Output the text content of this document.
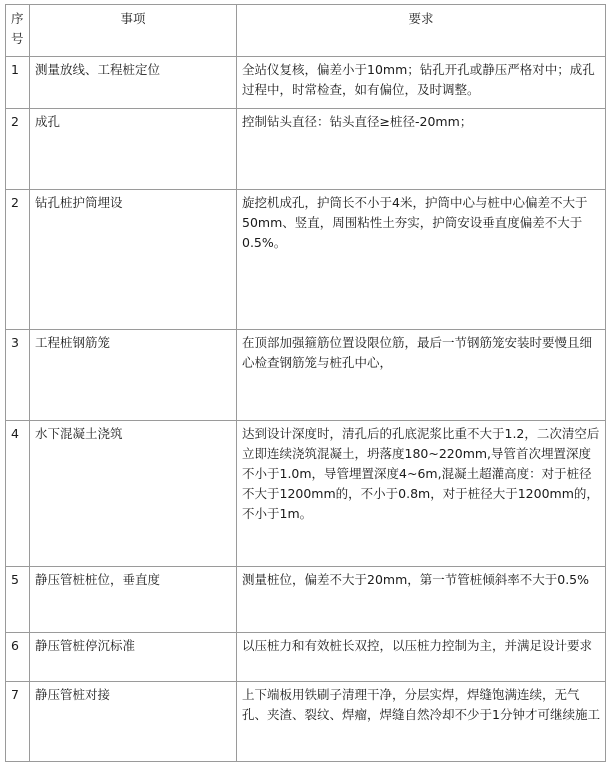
序号	事项	要求
1	测量放线、工程桩定位	全站仪复核，偏差小于10mm；钻孔开孔或静压严格对中；成孔过程中，时常检查，如有偏位，及时调整。
2	成孔	控制钻头直径：钻头直径≥桩径-20mm；
2	钻孔桩护筒埋设	旋挖机成孔，护筒长不小于4米，护筒中心与桩中心偏差不大于50mm、竖直，周围粘性土夯实，护筒安设垂直度偏差不大于0.5%。
3	工程桩钢筋笼	在顶部加强箍筋位置设限位筋，最后一节钢筋笼安装时要慢且细心检查钢筋笼与桩孔中心，
4	水下混凝土浇筑	达到设计深度时，清孔后的孔底泥浆比重不大于1.2，二次清空后立即连续浇筑混凝土，坍落度180~220mm,导管首次埋置深度不小于1.0m，导管埋置深度4~6m,混凝土超灌高度：对于桩径不大于1200mm的，不小于0.8m，对于桩径大于1200mm的，不小于1m。
5	静压管桩桩位，垂直度	测量桩位，偏差不大于20mm，第一节管桩倾斜率不大于0.5%
6	静压管桩停沉标准	以压桩力和有效桩长双控，以压桩力控制为主，并满足设计要求
7	静压管桩对接	上下端板用铁刷子清理干净，分层实焊，焊缝饱满连续，无气孔、夹渣、裂纹、焊瘤，焊缝自然冷却不少于1分钟才可继续施工
